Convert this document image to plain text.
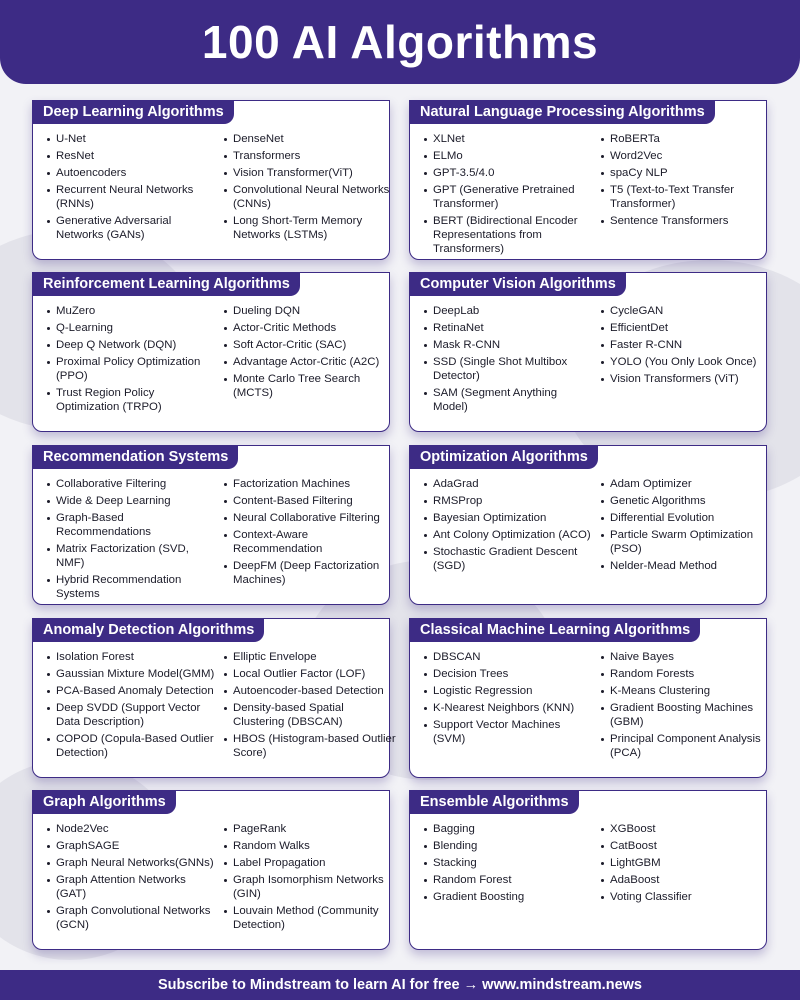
100 AI Algorithms
Deep Learning Algorithms
U-Net
ResNet
Autoencoders
Recurrent Neural Networks (RNNs)
Generative Adversarial Networks (GANs)
DenseNet
Transformers
Vision Transformer(ViT)
Convolutional Neural Networks (CNNs)
Long Short-Term Memory Networks (LSTMs)
Natural Language Processing Algorithms
XLNet
ELMo
GPT-3.5/4.0
GPT (Generative Pretrained Transformer)
BERT (Bidirectional Encoder Representations from Transformers)
RoBERTa
Word2Vec
spaCy NLP
T5 (Text-to-Text Transfer Transformer)
Sentence Transformers
Reinforcement Learning Algorithms
MuZero
Q-Learning
Deep Q Network (DQN)
Proximal Policy Optimization (PPO)
Trust Region Policy Optimization (TRPO)
Dueling DQN
Actor-Critic Methods
Soft Actor-Critic (SAC)
Advantage Actor-Critic (A2C)
Monte Carlo Tree Search (MCTS)
Computer Vision Algorithms
DeepLab
RetinaNet
Mask R-CNN
SSD (Single Shot Multibox Detector)
SAM (Segment Anything Model)
CycleGAN
EfficientDet
Faster R-CNN
YOLO (You Only Look Once)
Vision Transformers (ViT)
Recommendation Systems
Collaborative Filtering
Wide & Deep Learning
Graph-Based Recommendations
Matrix Factorization (SVD, NMF)
Hybrid Recommendation Systems
Factorization Machines
Content-Based Filtering
Neural Collaborative Filtering
Context-Aware Recommendation
DeepFM (Deep Factorization Machines)
Optimization Algorithms
AdaGrad
RMSProp
Bayesian Optimization
Ant Colony Optimization (ACO)
Stochastic Gradient Descent (SGD)
Adam Optimizer
Genetic Algorithms
Differential Evolution
Particle Swarm Optimization (PSO)
Nelder-Mead Method
Anomaly Detection Algorithms
Isolation Forest
Gaussian Mixture Model(GMM)
PCA-Based Anomaly Detection
Deep SVDD (Support Vector Data Description)
COPOD (Copula-Based Outlier Detection)
Elliptic Envelope
Local Outlier Factor (LOF)
Autoencoder-based Detection
Density-based Spatial Clustering (DBSCAN)
HBOS (Histogram-based Outlier Score)
Classical Machine Learning Algorithms
DBSCAN
Decision Trees
Logistic Regression
K-Nearest Neighbors (KNN)
Support Vector Machines (SVM)
Naive Bayes
Random Forests
K-Means Clustering
Gradient Boosting Machines (GBM)
Principal Component Analysis (PCA)
Graph Algorithms
Node2Vec
GraphSAGE
Graph Neural Networks(GNNs)
Graph Attention Networks (GAT)
Graph Convolutional Networks (GCN)
PageRank
Random Walks
Label Propagation
Graph Isomorphism Networks (GIN)
Louvain Method (Community Detection)
Ensemble Algorithms
Bagging
Blending
Stacking
Random Forest
Gradient Boosting
XGBoost
CatBoost
LightGBM
AdaBoost
Voting Classifier
Subscribe to Mindstream to learn AI for free → www.mindstream.news
